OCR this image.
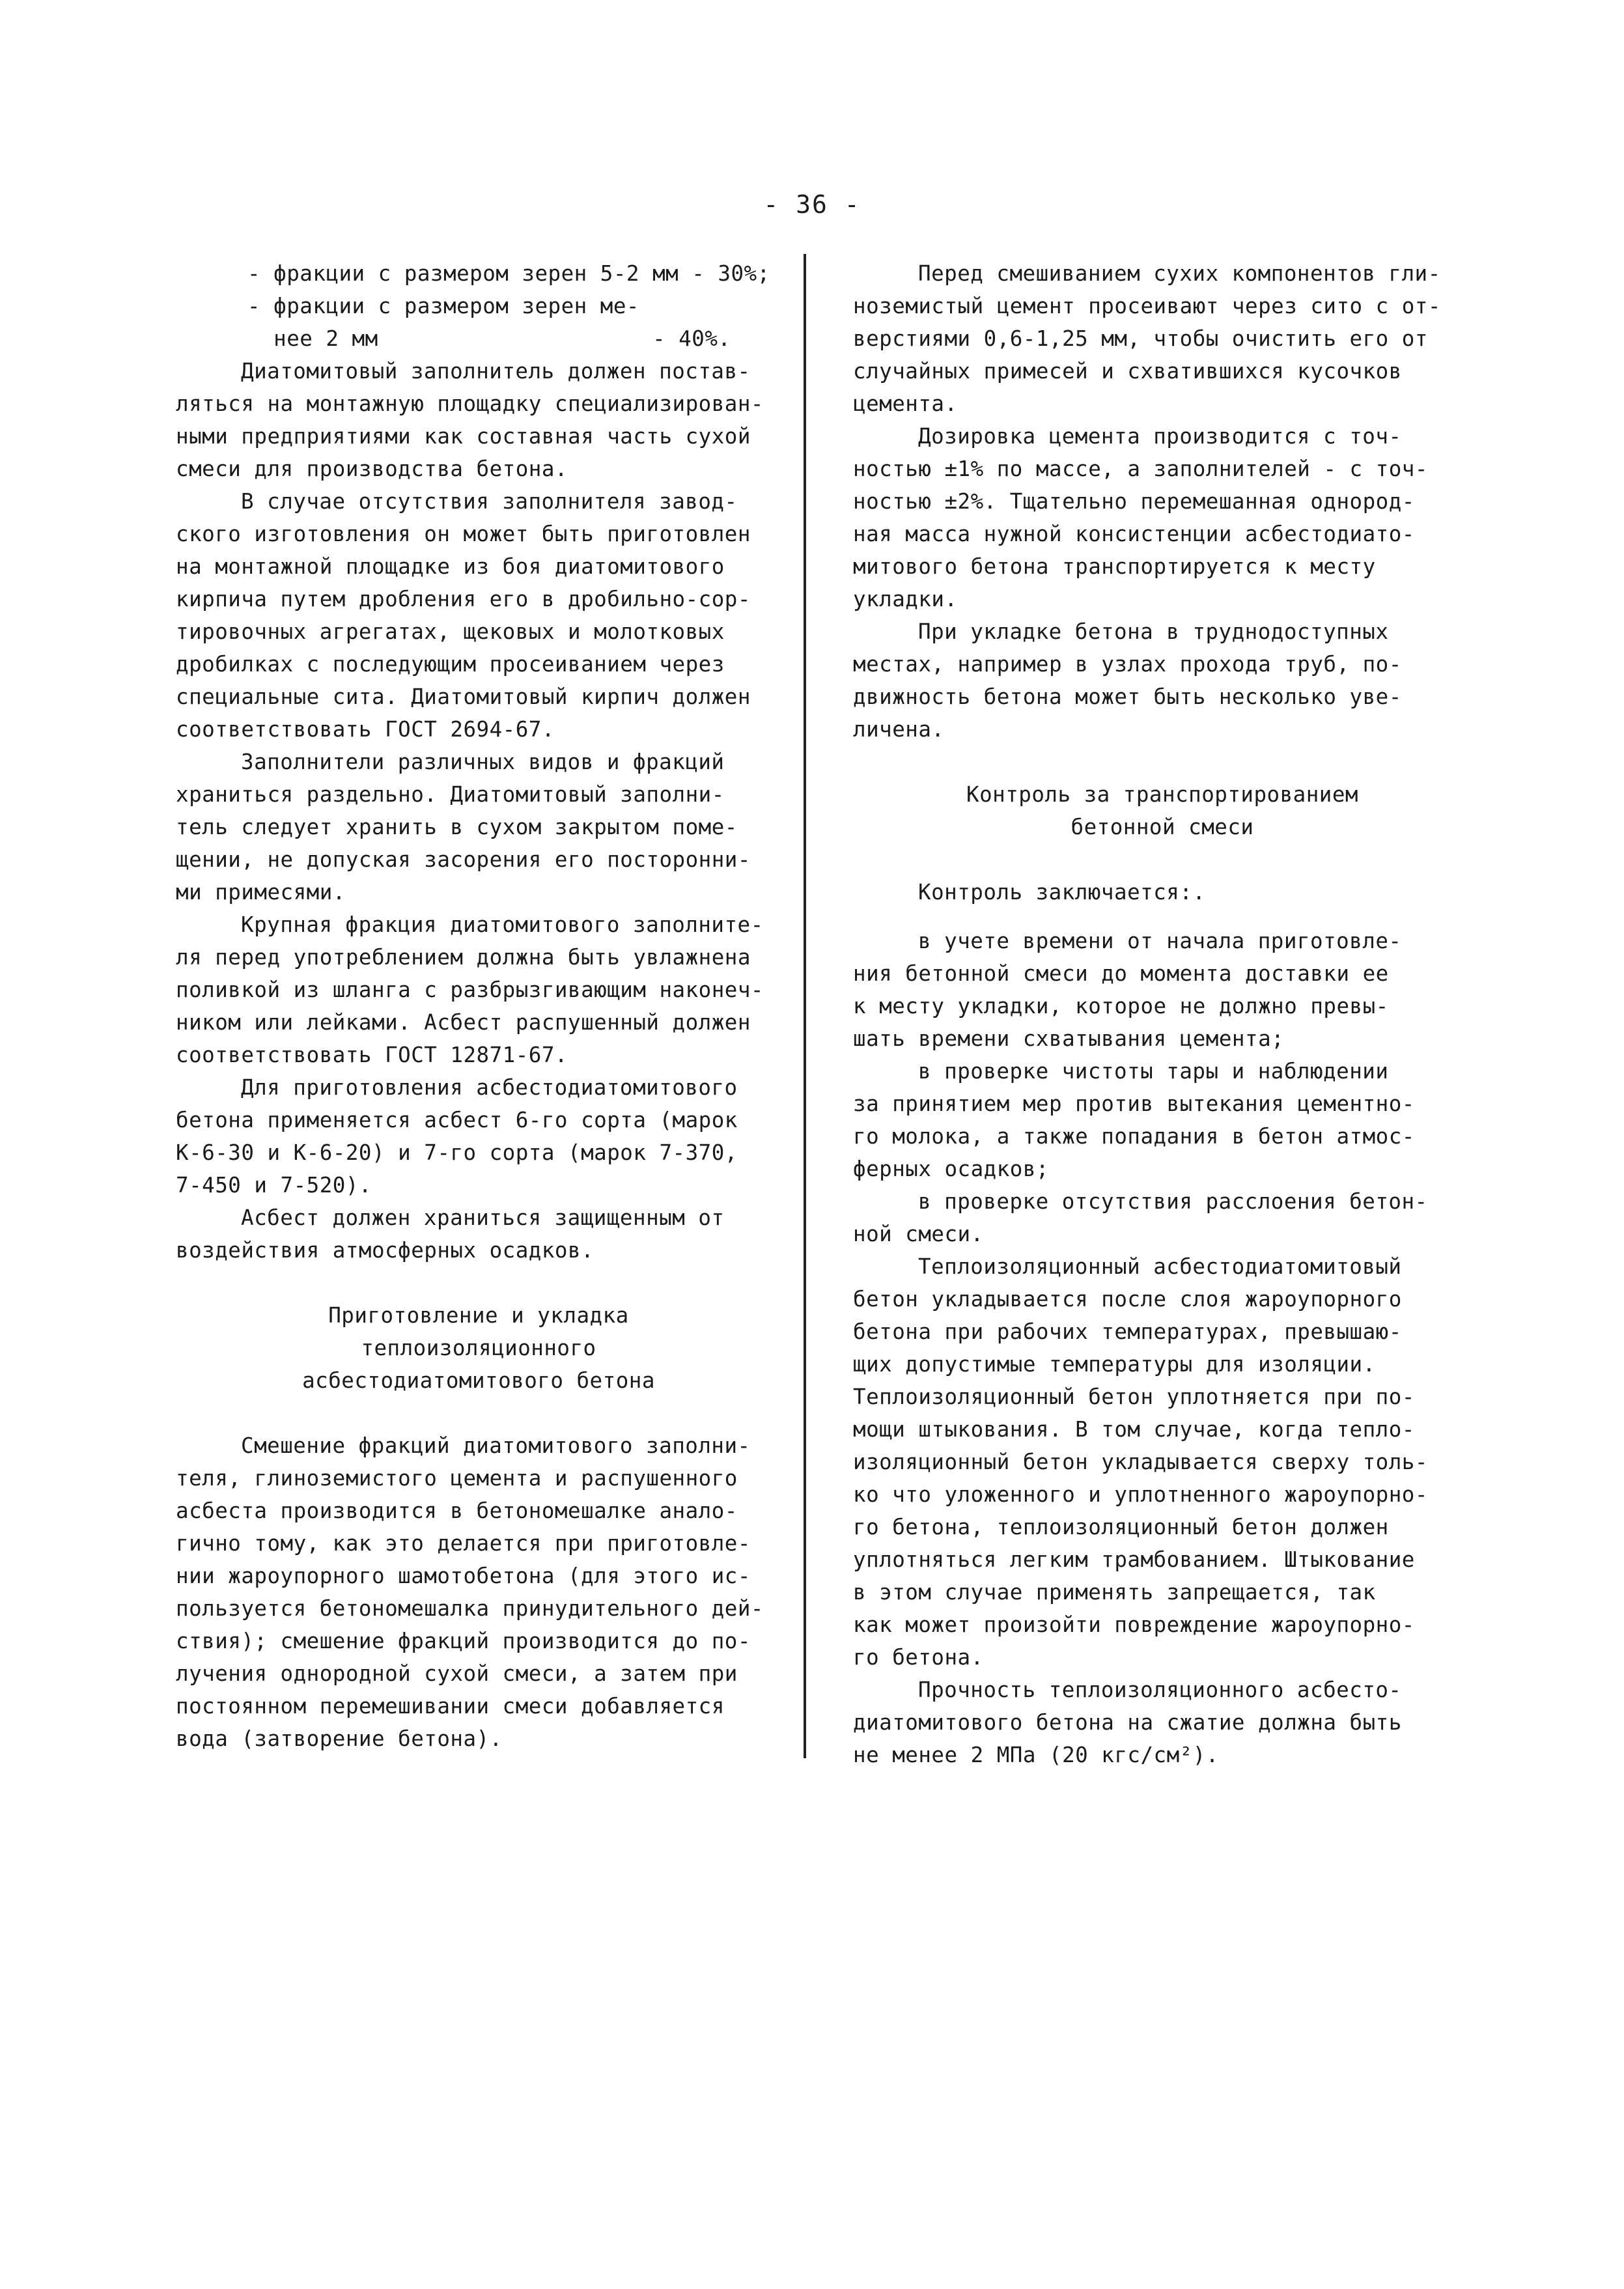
- 36 -
- фракции с размером зерен 5-2 мм - 30%;
- фракции с размером зерен ме-
нее 2 мм                     - 40%.
Диатомитовый заполнитель должен постав-
ляться на монтажную площадку специализирован-
ными предприятиями как составная часть сухой
смеси для производства бетона.
В случае отсутствия заполнителя завод-
ского изготовления он может быть приготовлен
на монтажной площадке из боя диатомитового
кирпича путем дробления его в дробильно-сор-
тировочных агрегатах, щековых и молотковых
дробилках с последующим просеиванием через
специальные сита. Диатомитовый кирпич должен
соответствовать ГОСТ 2694-67.
Заполнители различных видов и фракций
храниться раздельно. Диатомитовый заполни-
тель следует хранить в сухом закрытом поме-
щении, не допуская засорения его посторонни-
ми примесями.
Крупная фракция диатомитового заполните-
ля перед употреблением должна быть увлажнена
поливкой из шланга с разбрызгивающим наконеч-
ником или лейками. Асбест распушенный должен
соответствовать ГОСТ 12871-67.
Для приготовления асбестодиатомитового
бетона применяется асбест 6-го сорта (марок
К-6-30 и К-6-20) и 7-го сорта (марок 7-370,
7-450 и 7-520).
Асбест должен храниться защищенным от
воздействия атмосферных осадков.
Приготовление и укладка
теплоизоляционного
асбестодиатомитового бетона
Смешение фракций диатомитового заполни-
теля, глиноземистого цемента и распушенного
асбеста производится в бетономешалке анало-
гично тому, как это делается при приготовле-
нии жароупорного шамотобетона (для этого ис-
пользуется бетономешалка принудительного дей-
ствия); смешение фракций производится до по-
лучения однородной сухой смеси, а затем при
постоянном перемешивании смеси добавляется
вода (затворение бетона).
Перед смешиванием сухих компонентов гли-
ноземистый цемент просеивают через сито с от-
верстиями 0,6-1,25 мм, чтобы очистить его от
случайных примесей и схватившихся кусочков
цемента.
Дозировка цемента производится с точ-
ностью ±1% по массе, а заполнителей - с точ-
ностью ±2%. Тщательно перемешанная однород-
ная масса нужной консистенции асбестодиато-
митового бетона транспортируется к месту
укладки.
При укладке бетона в труднодоступных
местах, например в узлах прохода труб, по-
движность бетона может быть несколько уве-
личена.
Контроль за транспортированием
бетонной смеси
Контроль заключается:.
в учете времени от начала приготовле-
ния бетонной смеси до момента доставки ее
к месту укладки, которое не должно превы-
шать времени схватывания цемента;
в проверке чистоты тары и наблюдении
за принятием мер против вытекания цементно-
го молока, а также попадания в бетон атмос-
ферных осадков;
в проверке отсутствия расслоения бетон-
ной смеси.
Теплоизоляционный асбестодиатомитовый
бетон укладывается после слоя жароупорного
бетона при рабочих температурах, превышаю-
щих допустимые температуры для изоляции.
Теплоизоляционный бетон уплотняется при по-
мощи штыкования. В том случае, когда тепло-
изоляционный бетон укладывается сверху толь-
ко что уложенного и уплотненного жароупорно-
го бетона, теплоизоляционный бетон должен
уплотняться легким трамбованием. Штыкование
в этом случае применять запрещается, так
как может произойти повреждение жароупорно-
го бетона.
Прочность теплоизоляционного асбесто-
диатомитового бетона на сжатие должна быть
не менее 2 МПа (20 кгс/см²).
